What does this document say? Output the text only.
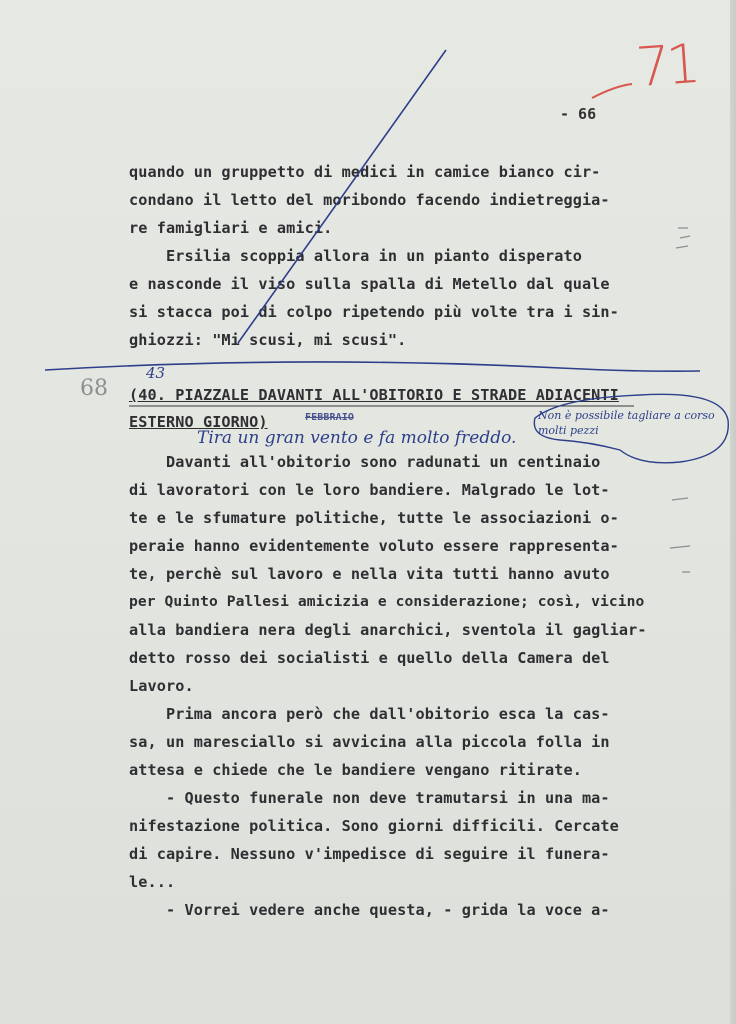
71
- 66
quando un gruppetto di medici in camice bianco cir-
condano il letto del moribondo facendo indietreggia-
re famigliari e amici.
Ersilia scoppia allora in un pianto disperato
e nasconde il viso sulla spalla di Metello dal quale
si stacca poi di colpo ripetendo più volte tra i sin-
ghiozzi: "Mi scusi, mi scusi".
68 (40. PIAZZALE DAVANTI ALL'OBITORIO E STRADE ADIACENTI
43
ESTERNO GIORNO)	FEBBRAIO
Tira un gran vento e fa molto freddo.
Non è possibile tagliare a corso molti pezzi
Davanti all'obitorio sono radunati un centinaio
di lavoratori con le loro bandiere. Malgrado le lot-
te e le sfumature politiche, tutte le associazioni o-
peraie hanno evidentemente voluto essere rappresenta-
te, perchè sul lavoro e nella vita tutti hanno avuto
per Quinto Pallesi amicizia e considerazione; così, vicino
alla bandiera nera degli anarchici, sventola il gagliar-
detto rosso dei socialisti e quello della Camera del
Lavoro.
Prima ancora però che dall'obitorio esca la cas-
sa, un maresciallo si avvicina alla piccola folla in
attesa e chiede che le bandiere vengano ritirate.
- Questo funerale non deve tramutarsi in una ma-
nifestazione politica. Sono giorni difficili. Cercate
di capire. Nessuno v'impedisce di seguire il funera-
le...
- Vorrei vedere anche questa, - grida la voce a-
